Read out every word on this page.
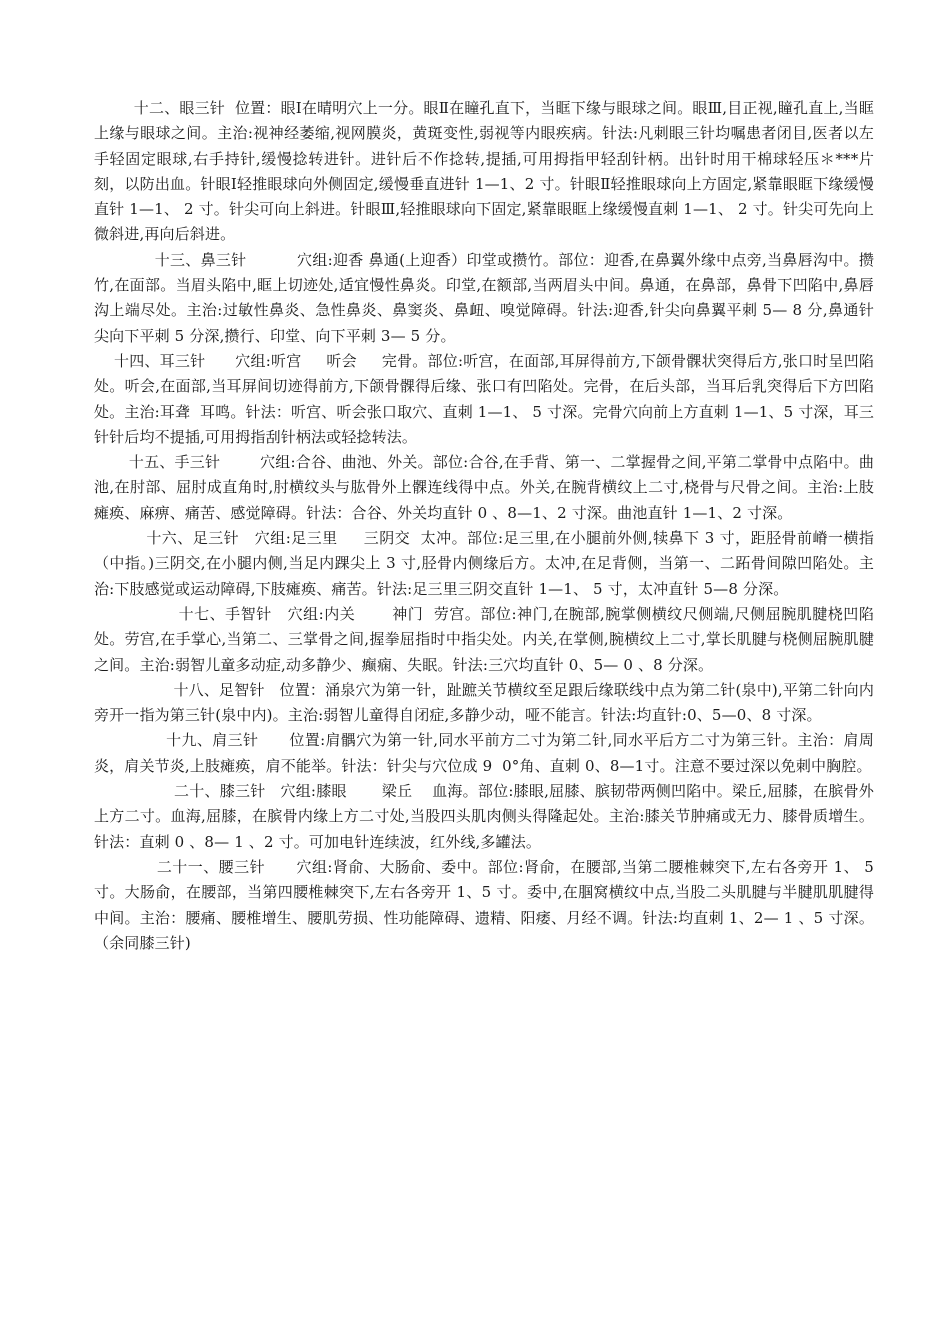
十二、眼三针  位置：眼Ⅰ在晴明穴上一分。眼Ⅱ在瞳孔直下，当眶下缘与眼球之间。眼Ⅲ,目正视,瞳孔直上,当眶上缘与眼球之间。主治:视神经萎缩,视网膜炎，黄斑变性,弱视等内眼疾病。针法:凡刺眼三针均嘱患者闭目,医者以左手轻固定眼球,右手持针,缓慢捻转进针。进针后不作捻转,提插,可用拇指甲轻刮针柄。出针时用干棉球轻压＊***片刻，以防出血。针眼Ⅰ轻推眼球向外侧固定,缓慢垂直进针 1—1、2 寸。针眼Ⅱ轻推眼球向上方固定,紧靠眼眶下缘缓慢直针 1—1、 2 寸。针尖可向上斜进。针眼Ⅲ,轻推眼球向下固定,紧靠眼眶上缘缓慢直刺 1—1、 2 寸。针尖可先向上微斜进,再向后斜进。

十三、鼻三针          穴组:迎香 鼻通(上迎香）印堂或攒竹。部位：迎香,在鼻翼外缘中点旁,当鼻唇沟中。攒竹,在面部。当眉头陷中,眶上切迹处,适宜慢性鼻炎。印堂,在额部,当两眉头中间。鼻通，在鼻部，鼻骨下凹陷中,鼻唇沟上端尽处。主治:过敏性鼻炎、急性鼻炎、鼻窦炎、鼻衄、嗅觉障碍。针法:迎香,针尖向鼻翼平刺 5— 8 分,鼻通针尖向下平刺 5 分深,攒行、印堂、向下平刺 3— 5 分。

十四、耳三针      穴组:听宫     听会     完骨。部位:听宫，在面部,耳屏得前方,下颌骨髁状突得后方,张口时呈凹陷处。听会,在面部,当耳屏间切迹得前方,下颌骨髁得后缘、张口有凹陷处。完骨，在后头部，当耳后乳突得后下方凹陷处。主治:耳聋  耳鸣。针法：听宫、听会张口取穴、直刺 1—1、 5 寸深。完骨穴向前上方直刺 1—1、5 寸深，耳三针针后均不提插,可用拇指刮针柄法或轻捻转法。

十五、手三针        穴组:合谷、曲池、外关。部位:合谷,在手背、第一、二掌握骨之间,平第二掌骨中点陷中。曲池,在肘部、屈肘成直角时,肘横纹头与肱骨外上髁连线得中点。外关,在腕背横纹上二寸,桡骨与尺骨之间。主治:上肢瘫痪、麻痹、痛苦、感觉障碍。针法：合谷、外关均直针 0 、8—1、2 寸深。曲池直针 1—1、2 寸深。

十六、足三针   穴组:足三里     三阴交  太冲。部位:足三里,在小腿前外侧,犊鼻下 3 寸，距胫骨前嵴一横指（中指。)三阴交,在小腿内侧,当足内踝尖上 3 寸,胫骨内侧缘后方。太冲,在足背侧，当第一、二跖骨间隙凹陷处。主治:下肢感觉或运动障碍,下肢瘫痪、痛苦。针法:足三里三阴交直针 1—1、 5 寸，太冲直针 5—8 分深。

十七、手智针   穴组:内关       神门  劳宫。部位:神门,在腕部,腕掌侧横纹尺侧端,尺侧屈腕肌腱桡凹陷处。劳宫,在手掌心,当第二、三掌骨之间,握拳屈指时中指尖处。内关,在掌侧,腕横纹上二寸,掌长肌腱与桡侧屈腕肌腱之间。主治:弱智儿童多动症,动多静少、癫痫、失眠。针法:三穴均直针 0、5— 0 、8 分深。

十八、足智针   位置：涌泉穴为第一针，趾蹠关节横纹至足跟后缘联线中点为第二针(泉中),平第二针向内旁开一指为第三针(泉中内)。主治:弱智儿童得自闭症,多静少动，哑不能言。针法:均直针:0、5—0、8 寸深。

十九、肩三针      位置:肩髃穴为第一针,同水平前方二寸为第二针,同水平后方二寸为第三针。主治：肩周炎，肩关节炎,上肢瘫痪，肩不能举。针法：针尖与穴位成 9  0°角、直刺 0、8—1寸。注意不要过深以免刺中胸腔。

二十、膝三针   穴组:膝眼       梁丘    血海。部位:膝眼,屈膝、膑韧带两侧凹陷中。梁丘,屈膝，在膑骨外上方二寸。血海,屈膝，在膑骨内缘上方二寸处,当股四头肌肉侧头得隆起处。主治:膝关节肿痛或无力、膝骨质增生。针法：直刺 0 、8— 1 、2 寸。可加电针连续波，红外线,多罐法。

二十一、腰三针      穴组:肾俞、大肠俞、委中。部位:肾俞，在腰部,当第二腰椎棘突下,左右各旁开 1、 5 寸。大肠俞，在腰部，当第四腰椎棘突下,左右各旁开 1、5 寸。委中,在腘窝横纹中点,当股二头肌腱与半腱肌肌腱得中间。主治：腰痛、腰椎增生、腰肌劳损、性功能障碍、遗精、阳痿、月经不调。针法:均直刺 1、2— 1 、5 寸深。（余同膝三针)
